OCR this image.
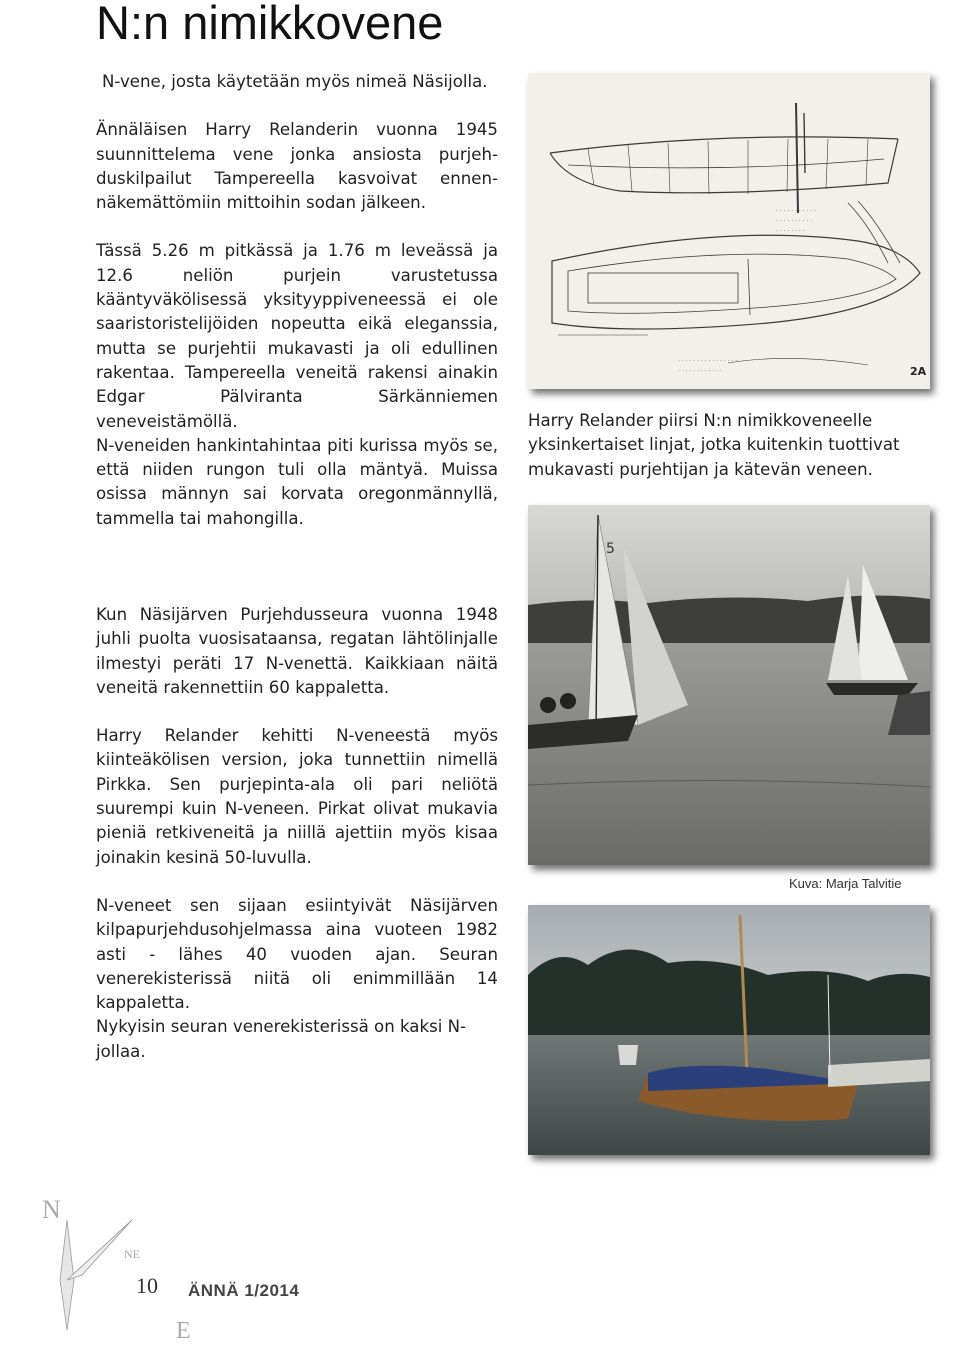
N:n nimikkovene

N-vene, josta käytetään myös nimeä Näsijolla.

Ännäläisen Harry Relanderin vuonna 1945 suunnittelema vene jonka ansiosta purjehduskilpailut Tampereella kasvoivat ennennäkemättömiin mittoihin sodan jälkeen.

Tässä 5.26 m pitkässä ja 1.76 m leveässä ja 12.6 neliön purjein varustetussa kääntyväkölisessä yksityyppiveneessä ei ole saaristoristelijöiden nopeutta eikä eleganssia, mutta se purjehtii mukavasti ja oli edullinen rakentaa. Tampereella veneitä rakensi ainakin Edgar Pälviranta Särkänniemen veneveistämöllä.

N-veneiden hankintahintaa piti kurissa myös se, että niiden rungon tuli olla mäntyä. Muissa osissa männyn sai korvata oregonmännyllä, tammella tai mahongilla.

Kun Näsijärven Purjehdusseura vuonna 1948 juhli puolta vuosisataansa, regatan lähtölinjalle ilmestyi peräti 17 N-venettä. Kaikkiaan näitä veneitä rakennettiin 60 kappaletta.

Harry Relander kehitti N-veneestä myös kiinteäkölisen version, joka tunnettiin nimellä Pirkka. Sen purjepinta-ala oli pari neliötä suurempi kuin N-veneen. Pirkat olivat mukavia pieniä retkiveneitä ja niillä ajettiin myös kisaa joinakin kesinä 50-luvulla.

N-veneet sen sijaan esiintyivät Näsijärven kilpapurjehdusohjelmassa aina vuoteen 1982 asti - lähes 40 vuoden ajan. Seuran venerekisterissä niitä oli enimmillään 14 kappaletta.

Nykyisin seuran venerekisterissä on kaksi N-jollaa.

· · · · · · · · · · ·
· · · · · · · · · ·
· · · · · · · ·
· · · · · · · · · · · · · · · ·
· · · · · · · · · · · ·	2A
Harry Relander piirsi N:n nimikkoveneelle yksinkertaiset linjat, jotka kuitenkin tuottivat mukavasti purjehtijan ja kätevän veneen.
5
Kuva: Marja Talvitie
N
NE
E
10 ÄNNÄ 1/2014
